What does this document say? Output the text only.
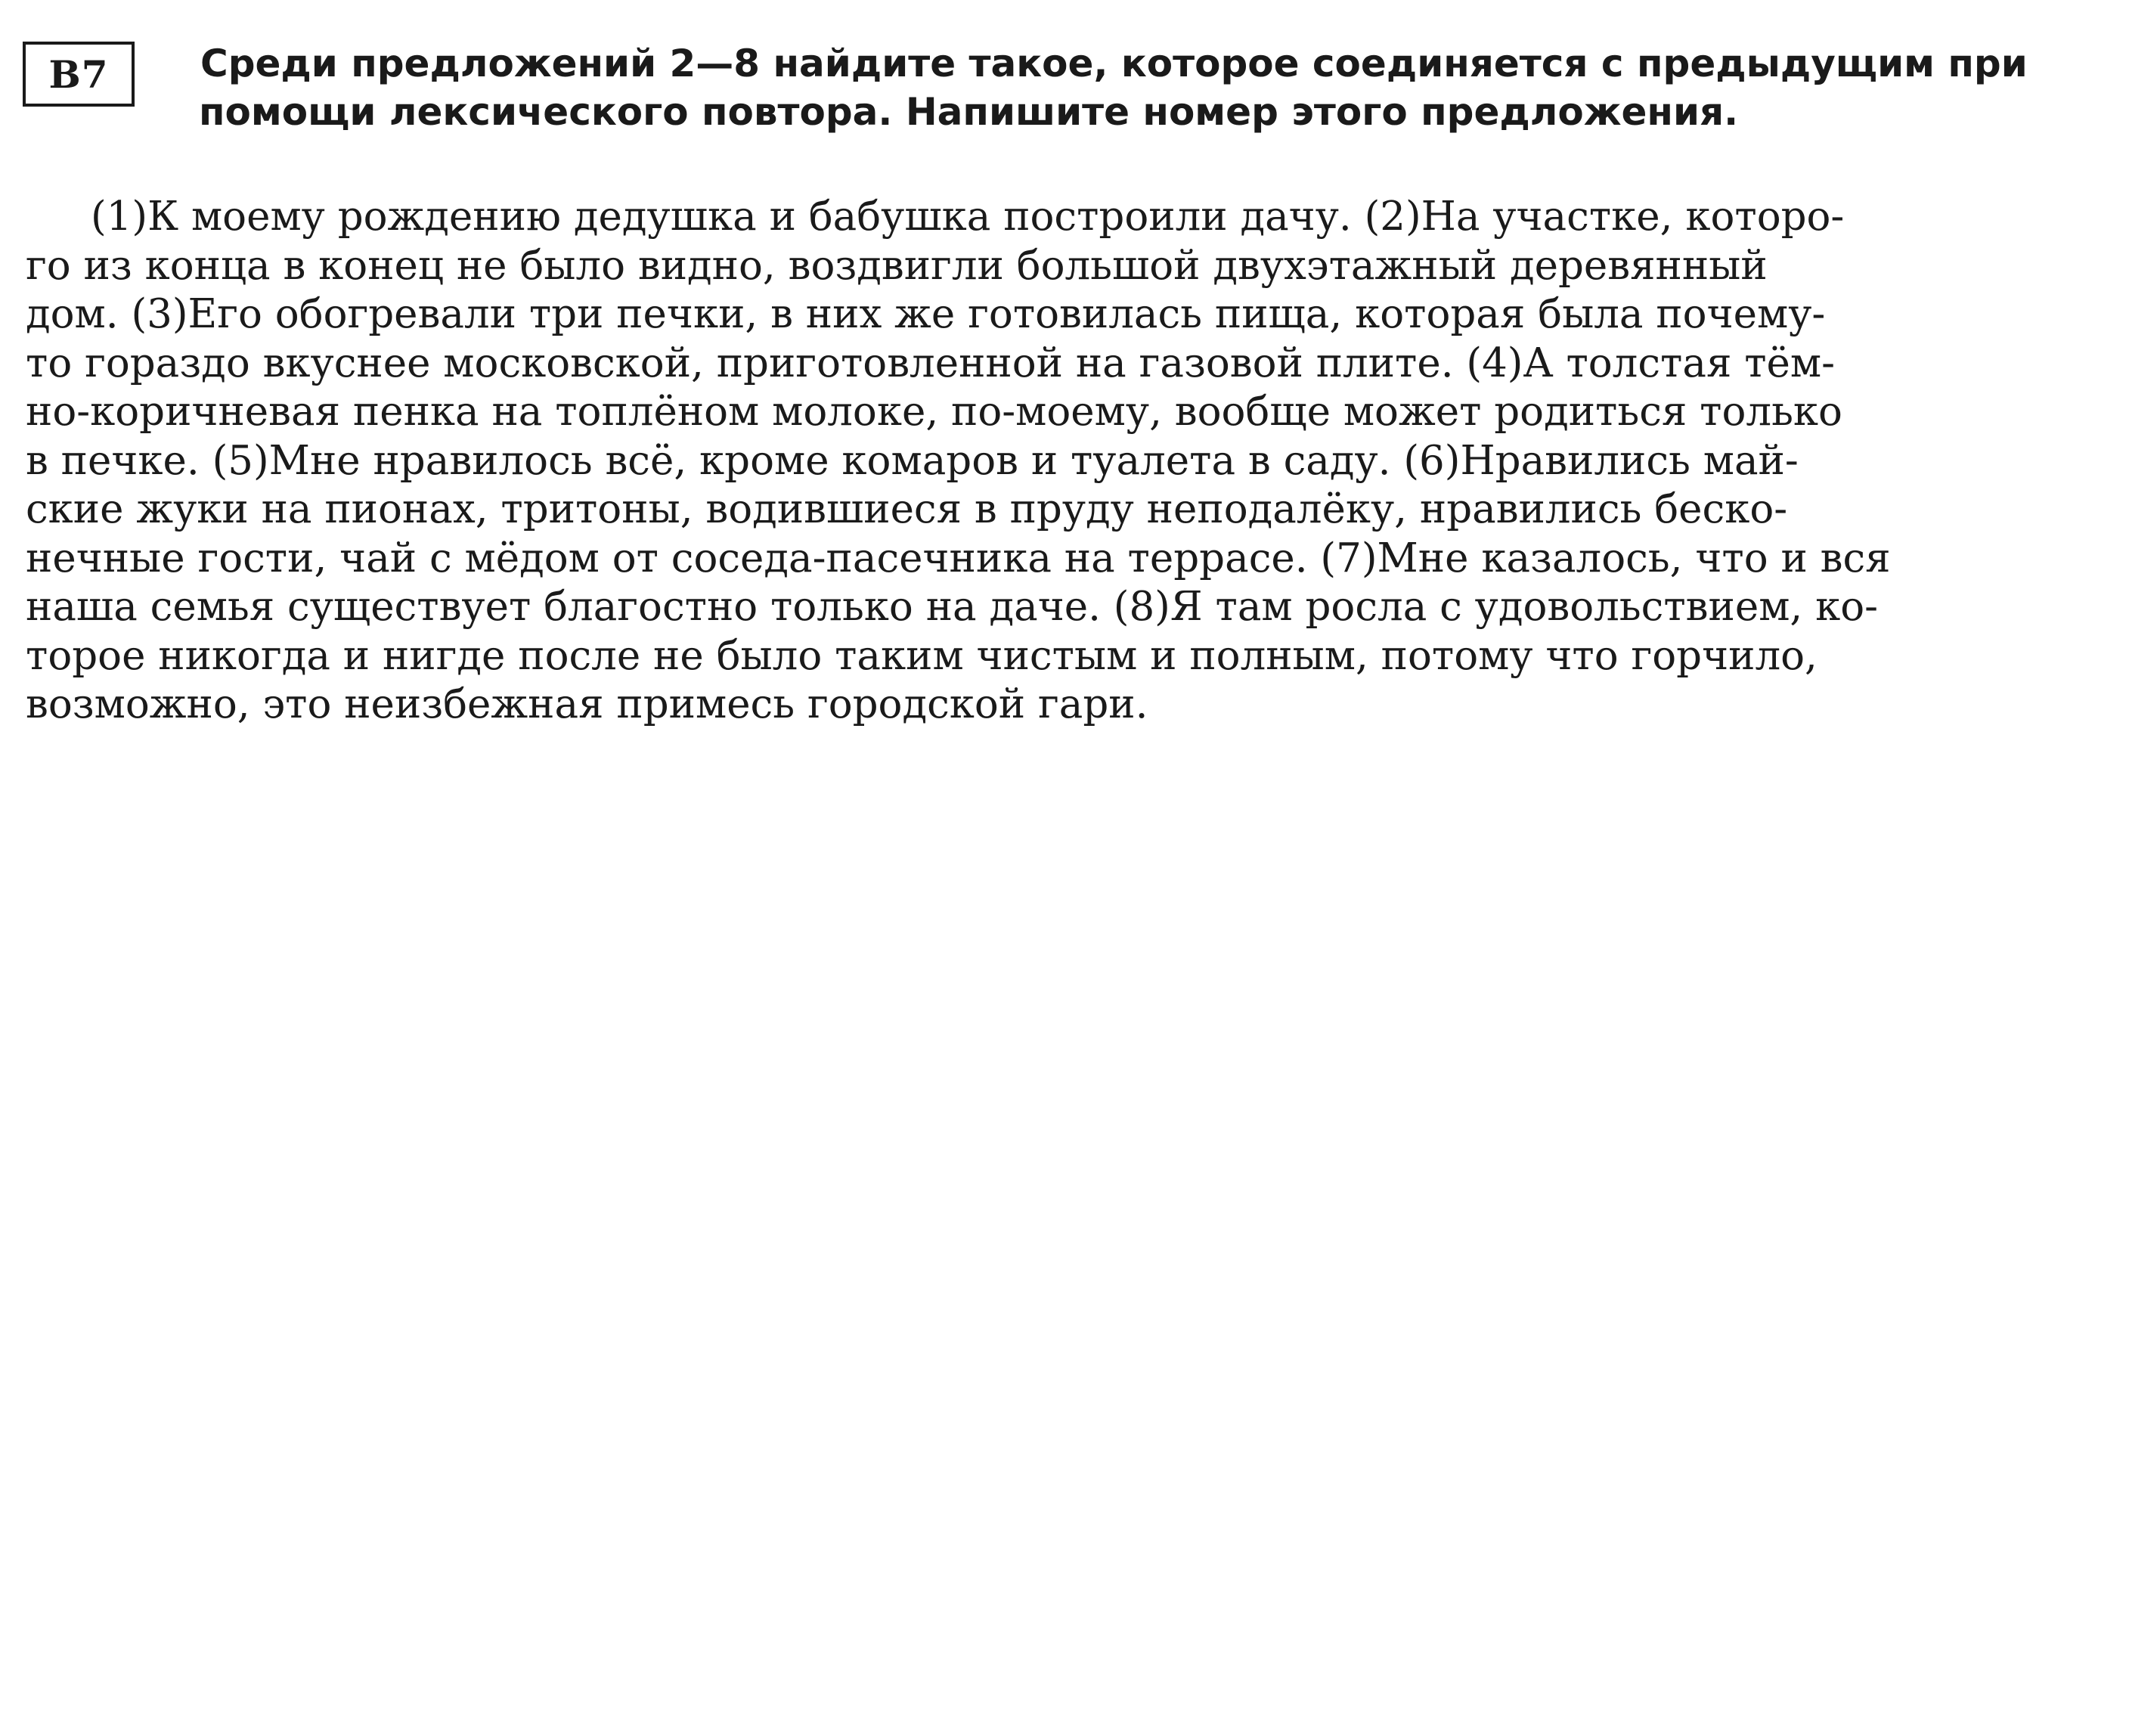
B7 Среди предложений 2—8 найдите такое, которое соединяется с предыдущим при
помощи лексического повтора. Напишите номер этого предложения.
(1)К моему рождению дедушка и бабушка построили дачу. (2)На участке, которо-
го из конца в конец не было видно, воздвигли большой двухэтажный деревянный
дом. (3)Его обогревали три печки, в них же готовилась пища, которая была почему-
то гораздо вкуснее московской, приготовленной на газовой плите. (4)А толстая тём-
но-коричневая пенка на топлёном молоке, по-моему, вообще может родиться только
в печке. (5)Мне нравилось всё, кроме комаров и туалета в саду. (6)Нравились май-
ские жуки на пионах, тритоны, водившиеся в пруду неподалёку, нравились беско-
нечные гости, чай с мёдом от соседа-пасечника на террасе. (7)Мне казалось, что и вся
наша семья существует благостно только на даче. (8)Я там росла с удовольствием, ко-
торое никогда и нигде после не было таким чистым и полным, потому что горчило,
возможно, это неизбежная примесь городской гари.
